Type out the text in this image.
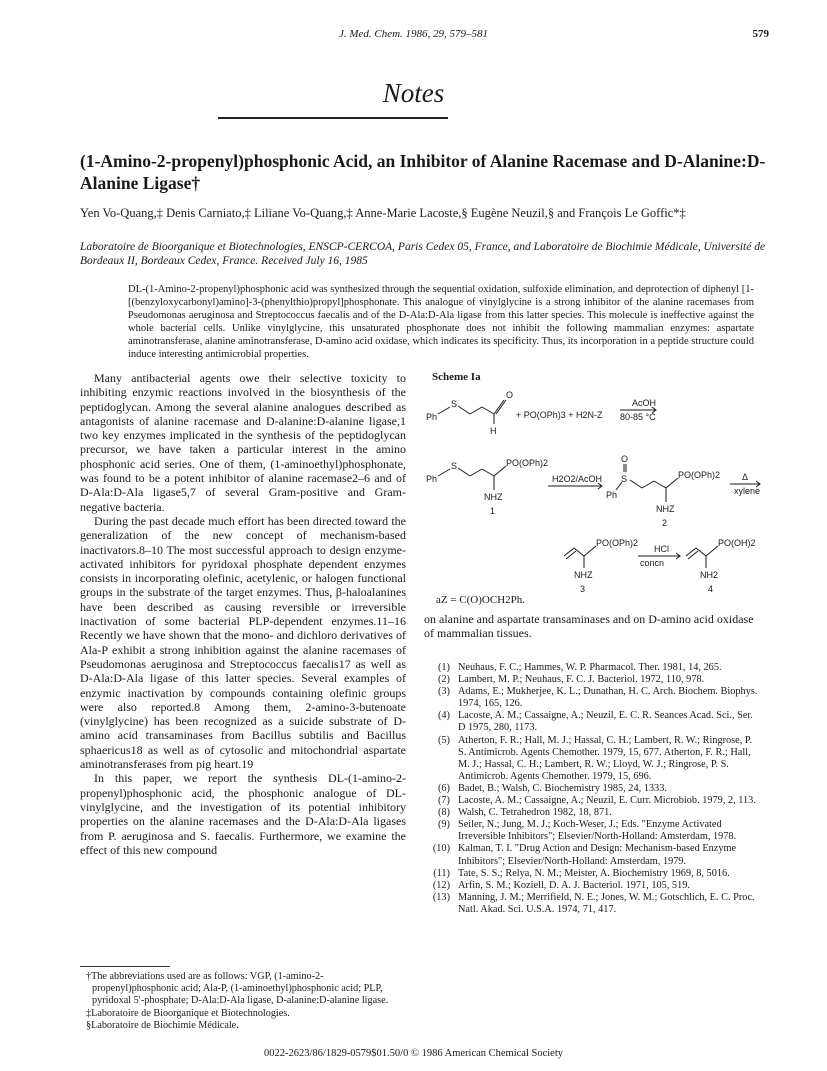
J. Med. Chem. 1986, 29, 579–581	579
Notes
(1-Amino-2-propenyl)phosphonic Acid, an Inhibitor of Alanine Racemase and D-Alanine:D-Alanine Ligase†
Yen Vo-Quang,‡ Denis Carniato,‡ Liliane Vo-Quang,‡ Anne-Marie Lacoste,§ Eugène Neuzil,§ and François Le Goffic*‡
Laboratoire de Bioorganique et Biotechnologies, ENSCP-CERCOA, Paris Cedex 05, France, and Laboratoire de Biochimie Médicale, Université de Bordeaux II, Bordeaux Cedex, France. Received July 16, 1985
DL-(1-Amino-2-propenyl)phosphonic acid was synthesized through the sequential oxidation, sulfoxide elimination, and deprotection of diphenyl [1-[(benzyloxycarbonyl)amino]-3-(phenylthio)propyl]phosphonate. This analogue of vinylglycine is a strong inhibitor of the alanine racemases from Pseudomonas aeruginosa and Streptococcus faecalis and of the D-Ala:D-Ala ligase from this latter species. This molecule is ineffective against the whole bacterial cells. Unlike vinylglycine, this unsaturated phosphonate does not inhibit the following mammalian enzymes: aspartate aminotransferase, alanine aminotransferase, D-amino acid oxidase, which indicates its specificity. Thus, its incorporation in a peptide structure could induce interesting antimicrobial properties.

Many antibacterial agents owe their selective toxicity to inhibiting enzymic reactions involved in the biosynthesis of the peptidoglycan. Among the several alanine analogues described as antagonists of alanine racemase and D-alanine:D-alanine ligase,1 two key enzymes implicated in the synthesis of the peptidoglycan precursor, we have taken a particular interest in the amino phosphonic acid series. One of them, (1-aminoethyl)phosphonate, was found to be a potent inhibitor of alanine racemase2–6 and of D-Ala:D-Ala ligase5,7 of several Gram-positive and Gram-negative bacteria.

During the past decade much effort has been directed toward the generalization of the new concept of mechanism-based inactivators.8–10 The most successful approach to design enzyme-activated inhibitors for pyridoxal phosphate dependent enzymes consists in incorporating olefinic, acetylenic, or halogen functional groups in the substrate of the target enzymes. Thus, β-haloalanines have been described as causing reversible or irreversible inactivation of some bacterial PLP-dependent enzymes.11–16 Recently we have shown that the mono- and dichloro derivatives of Ala-P exhibit a strong inhibition against the alanine racemases of Pseudomonas aeruginosa and Streptococcus faecalis17 as well as D-Ala:D-Ala ligase of this latter species. Several examples of enzymic inactivation by compounds containing olefinic groups were also reported.8 Among them, 2-amino-3-butenoate (vinylglycine) has been recognized as a suicide substrate of D-amino acid transaminases from Bacillus subtilis and Bacillus sphaericus18 as well as of cytosolic and mitochondrial aspartate aminotransferases from pig heart.19

In this paper, we report the synthesis DL-(1-amino-2-propenyl)phosphonic acid, the phosphonic analogue of DL-vinylglycine, and the investigation of its potential inhibitory properties on the alanine racemases and the D-Ala:D-Ala ligases from P. aeruginosa and S. faecalis. Furthermore, we examine the effect of this new compound

†The abbreviations used are as follows: VGP, (1-amino-2-propenyl)phosphonic acid; Ala-P, (1-aminoethyl)phosphonic acid; PLP, pyridoxal 5′-phosphate; D-Ala:D-Ala ligase, D-alanine:D-alanine ligase.

‡Laboratoire de Bioorganique et Biotechnologies.

§Laboratoire de Biochimie Médicale.

Scheme Ia
Ph
S
O
H
+ PO(OPh)3 + H2N-Z
AcOH
80-85 °C
Ph
S	PO(OPh)2
NHZ
1
H2O2/AcOH
Ph
S
O
PO(OPh)2
NHZ
2
Δ
xylene
PO(OPh)2
NHZ
3
HCl
concn
PO(OH)2
NH2
4
aZ = C(O)OCH2Ph.
on alanine and aspartate transaminases and on D-amino acid oxidase of mammalian tissues.
(1) Neuhaus, F. C.; Hammes, W. P. Pharmacol. Ther. 1981, 14, 265.
(2) Lambert, M. P.; Neuhaus, F. C. J. Bacteriol. 1972, 110, 978.
(3) Adams, E.; Mukherjee, K. L.; Dunathan, H. C. Arch. Biochem. Biophys. 1974, 165, 126.
(4) Lacoste, A. M.; Cassaigne, A.; Neuzil, E. C. R. Seances Acad. Sci., Ser. D 1975, 280, 1173.
(5) Atherton, F. R.; Hall, M. J.; Hassal, C. H.; Lambert, R. W.; Ringrose, P. S. Antimicrob. Agents Chemother. 1979, 15, 677. Atherton, F. R.; Hall, M. J.; Hassal, C. H.; Lambert, R. W.; Lloyd, W. J.; Ringrose, P. S. Antimicrob. Agents Chemother. 1979, 15, 696.
(6) Badet, B.; Walsh, C. Biochemistry 1985, 24, 1333.
(7) Lacoste, A. M.; Cassaigne, A.; Neuzil, E. Curr. Microbiob. 1979, 2, 113.
(8) Walsh, C. Tetrahedron 1982, 18, 871.
(9) Seiler, N.; Jung, M. J.; Koch-Weser, J.; Eds. "Enzyme Activated Irreversible Inhibitors"; Elsevier/North-Holland: Amsterdam, 1978.
(10) Kalman, T. I. "Drug Action and Design: Mechanism-based Enzyme Inhibitors"; Elsevier/North-Holland: Amsterdam, 1979.
(11) Tate, S. S.; Relya, N. M.; Meister, A. Biochemistry 1969, 8, 5016.
(12) Arfin, S. M.; Koziell, D. A. J. Bacteriol. 1971, 105, 519.
(13) Manning, J. M.; Merrifield, N. E.; Jones, W. M.; Gotschlich, E. C. Proc. Natl. Akad. Sci. U.S.A. 1974, 71, 417.
0022-2623/86/1829-0579$01.50/0 © 1986 American Chemical Society
